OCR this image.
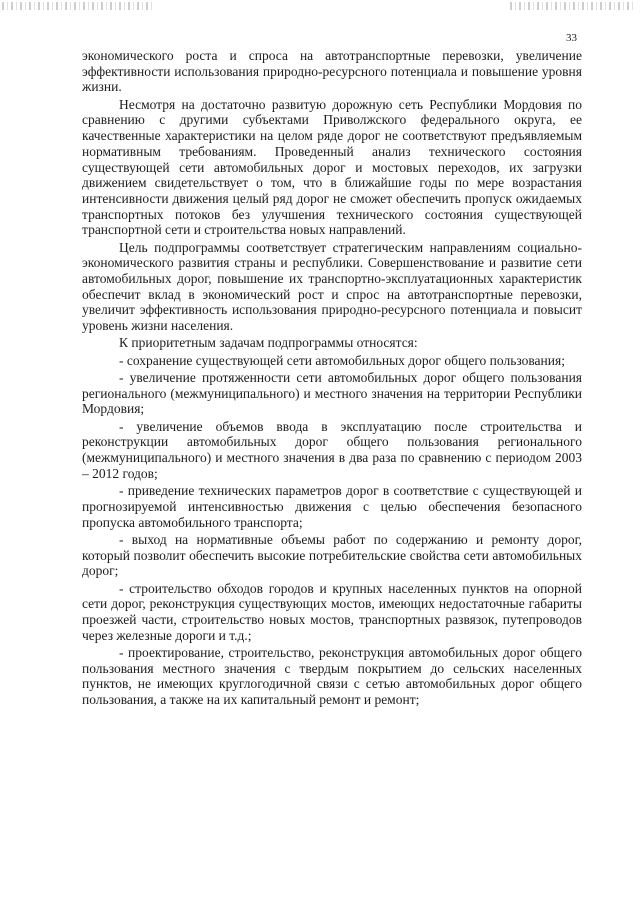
33

экономического роста и спроса на автотранспортные перевозки, увеличение эффективности использования природно-ресурсного потенциала и повышение уровня жизни.

Несмотря на достаточно развитую дорожную сеть Республики Мордовия по сравнению с другими субъектами Приволжского федерального округа, ее качественные характеристики на целом ряде дорог не соответствуют предъявляемым нормативным требованиям. Проведенный анализ технического состояния существующей сети автомобильных дорог и мостовых переходов, их загрузки движением свидетельствует о том, что в ближайшие годы по мере возрастания интенсивности движения целый ряд дорог не сможет обеспечить пропуск ожидаемых транспортных потоков без улучшения технического состояния существующей транспортной сети и строительства новых направлений.

Цель подпрограммы соответствует стратегическим направлениям социально-экономического развития страны и республики. Совершенствование и развитие сети автомобильных дорог, повышение их транспортно-эксплуатационных характеристик обеспечит вклад в экономический рост и спрос на автотранспортные перевозки, увеличит эффективность использования природно-ресурсного потенциала и повысит уровень жизни населения.

К приоритетным задачам подпрограммы относятся:

- сохранение существующей сети автомобильных дорог общего пользования;

- увеличение протяженности сети автомобильных дорог общего пользования регионального (межмуниципального) и местного значения на территории Республики Мордовия;

- увеличение объемов ввода в эксплуатацию после строительства и реконструкции автомобильных дорог общего пользования регионального (межмуниципального) и местного значения в два раза по сравнению с периодом 2003 – 2012 годов;

- приведение технических параметров дорог в соответствие с существующей и прогнозируемой интенсивностью движения с целью обеспечения безопасного пропуска автомобильного транспорта;

- выход на нормативные объемы работ по содержанию и ремонту дорог, который позволит обеспечить высокие потребительские свойства сети автомобильных дорог;

- строительство обходов городов и крупных населенных пунктов на опорной сети дорог, реконструкция существующих мостов, имеющих недостаточные габариты проезжей части, строительство новых мостов, транспортных развязок, путепроводов через железные дороги и т.д.;

- проектирование, строительство, реконструкция автомобильных дорог общего пользования местного значения с твердым покрытием до сельских населенных пунктов, не имеющих круглогодичной связи с сетью автомобильных дорог общего пользования, а также на их капитальный ремонт и ремонт;
